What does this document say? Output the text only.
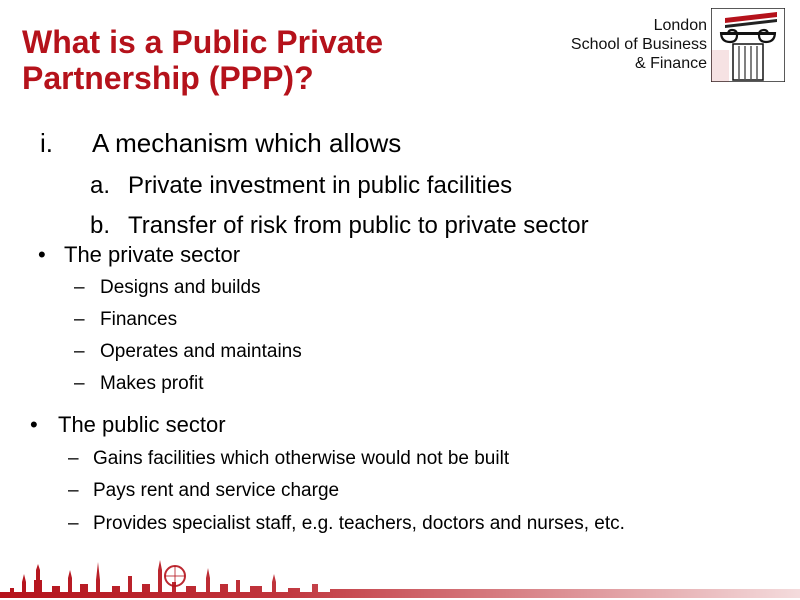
What is a Public Private
Partnership (PPP)?
London
School of Business
& Finance
i. A mechanism which allows
a. Private investment in public facilities
b. Transfer of risk from public to private sector
• The private sector
– Designs and builds
– Finances
– Operates and maintains
– Makes profit
• The public sector
– Gains facilities which otherwise would not be built
– Pays rent and service charge
– Provides specialist staff, e.g. teachers, doctors and nurses, etc.
